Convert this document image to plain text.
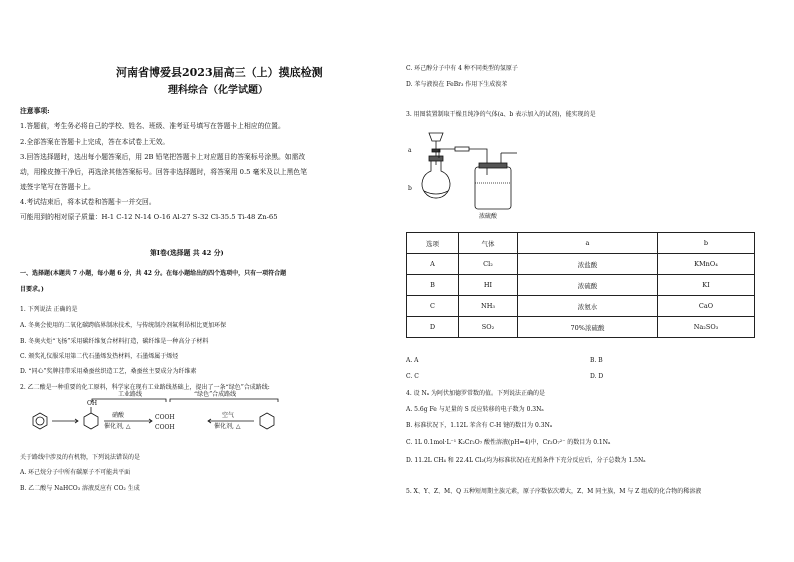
河南省博爱县2023届高三（上）摸底检测
理科综合（化学试题）
注意事项:
1.答题前，考生务必将自己的学校、姓名、班级、准考证号填写在答题卡上相应的位置。
2.全部答案在答题卡上完成，答在本试卷上无效。
3.回答选择题时，选出每小题答案后，用 2B 铅笔把答题卡上对应题目的答案标号涂黑。如需改
动，用橡皮擦干净后，再选涂其他答案标号。回答非选择题时，将答案用 0.5 毫米及以上黑色笔
迹签字笔写在答题卡上。
4.考试结束后，将本试卷和答题卡一并交回。
可能用到的相对原子质量：H-1 C-12 N-14 O-16 Al-27 S-32 Cl-35.5 Ti-48 Zn-65
第Ⅰ卷(选择题 共 42 分)
一、选择题(本题共 7 小题，每小题 6 分，共 42 分。在每小题给出的四个选项中，只有一项符合题
目要求。)
1. 下列说法 正确的是
A. 冬奥会使用的二氧化碳跨临界制冰技术，与传统制冷剂氟利昂相比更加环保
B. 冬奥火炬“飞扬”采用碳纤维复合材料打造，碳纤维是一种高分子材料
C. 颁奖礼仪服采用第二代石墨烯发热材料，石墨烯属于烯烃
D. “同心”奖牌挂带采用桑蚕丝织造工艺，桑蚕丝主要成分为纤维素
2. 乙二酸是一种重要的化工原料，科学家在现有工业路线基础上，提出了一条“绿色”合成路线:
工业路线	“绿色”合成路线
OH
硝酸
催化剂, △
COOH
COOH
空气
催化剂, △
关于路线中涉及的有机物，下列说法错误的是
A. 环己烷分子中所有碳原子不可能共平面
B. 乙二酸与 NaHCO₃ 溶液反应有 CO₂ 生成
C. 环己醇分子中有 4 种不同类型的氢原子
D. 苯与液溴在 FeBr₃ 作用下生成溴苯
3. 用图装置制取干燥且纯净的气体(a、b 表示加入的试剂)，能实现的是
a
b
浓硫酸
选项	气体	a	b
A	Cl₂	浓盐酸	KMnO₄
B	HI	浓硫酸	KI
C	NH₃	浓氨水	CaO
D	SO₂	70%浓硫酸	Na₂SO₃
A. A	B. B
C. C	D. D
4. 设 Nₐ 为阿伏加德罗常数的值。下列说法正确的是
A. 5.6g Fe 与足量的 S 反应转移的电子数为 0.3Nₐ
B. 标准状况下，1.12L 苯含有 C-H 键的数目为 0.3Nₐ
C. 1L 0.1mol·L⁻¹ K₂Cr₂O₇ 酸性溶液(pH=4)中，Cr₂O₇²⁻ 的数目为 0.1Nₐ
D. 11.2L CH₄ 和 22.4L Cl₂(均为标准状况)在光照条件下充分反应后，分子总数为 1.5Nₐ
5. X、Y、Z、M、Q 五种短周期主族元素，原子序数依次增大，Z、M 同主族，M 与 Z 组成的化合物的稀溶液
